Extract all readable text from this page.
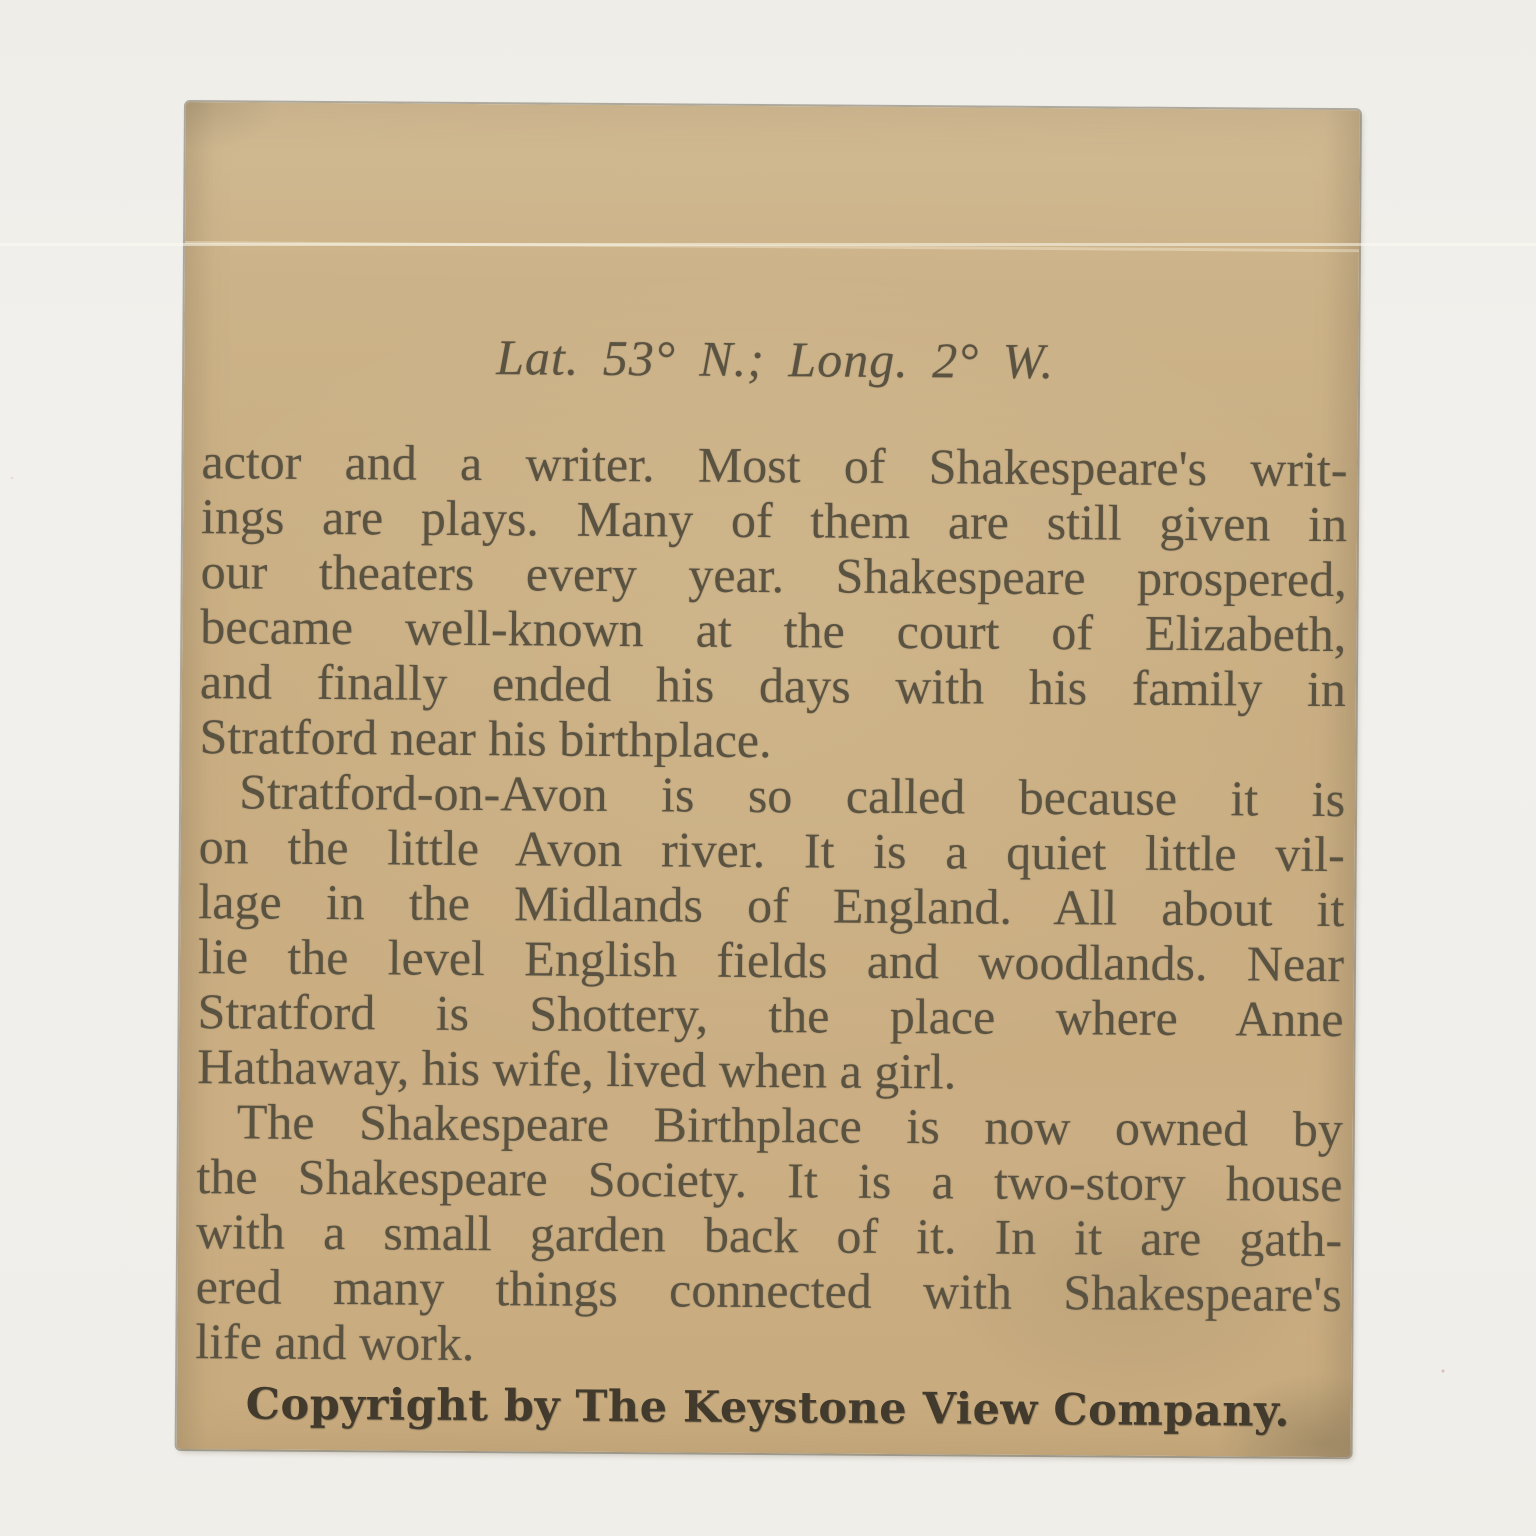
Lat. 53° N.; Long. 2° W.
actor and a writer. Most of Shakespeare's writ-
ings are plays. Many of them are still given in
our theaters every year. Shakespeare prospered,
became well-known at the court of Elizabeth,
and finally ended his days with his family in
Stratford near his birthplace.
Stratford-on-Avon is so called because it is
on the little Avon river. It is a quiet little vil-
lage in the Midlands of England. All about it
lie the level English fields and woodlands. Near
Stratford is Shottery, the place where Anne
Hathaway, his wife, lived when a girl.
The Shakespeare Birthplace is now owned by
the Shakespeare Society. It is a two-story house
with a small garden back of it. In it are gath-
ered many things connected with Shakespeare's
life and work.
Copyright by The Keystone View Company.
